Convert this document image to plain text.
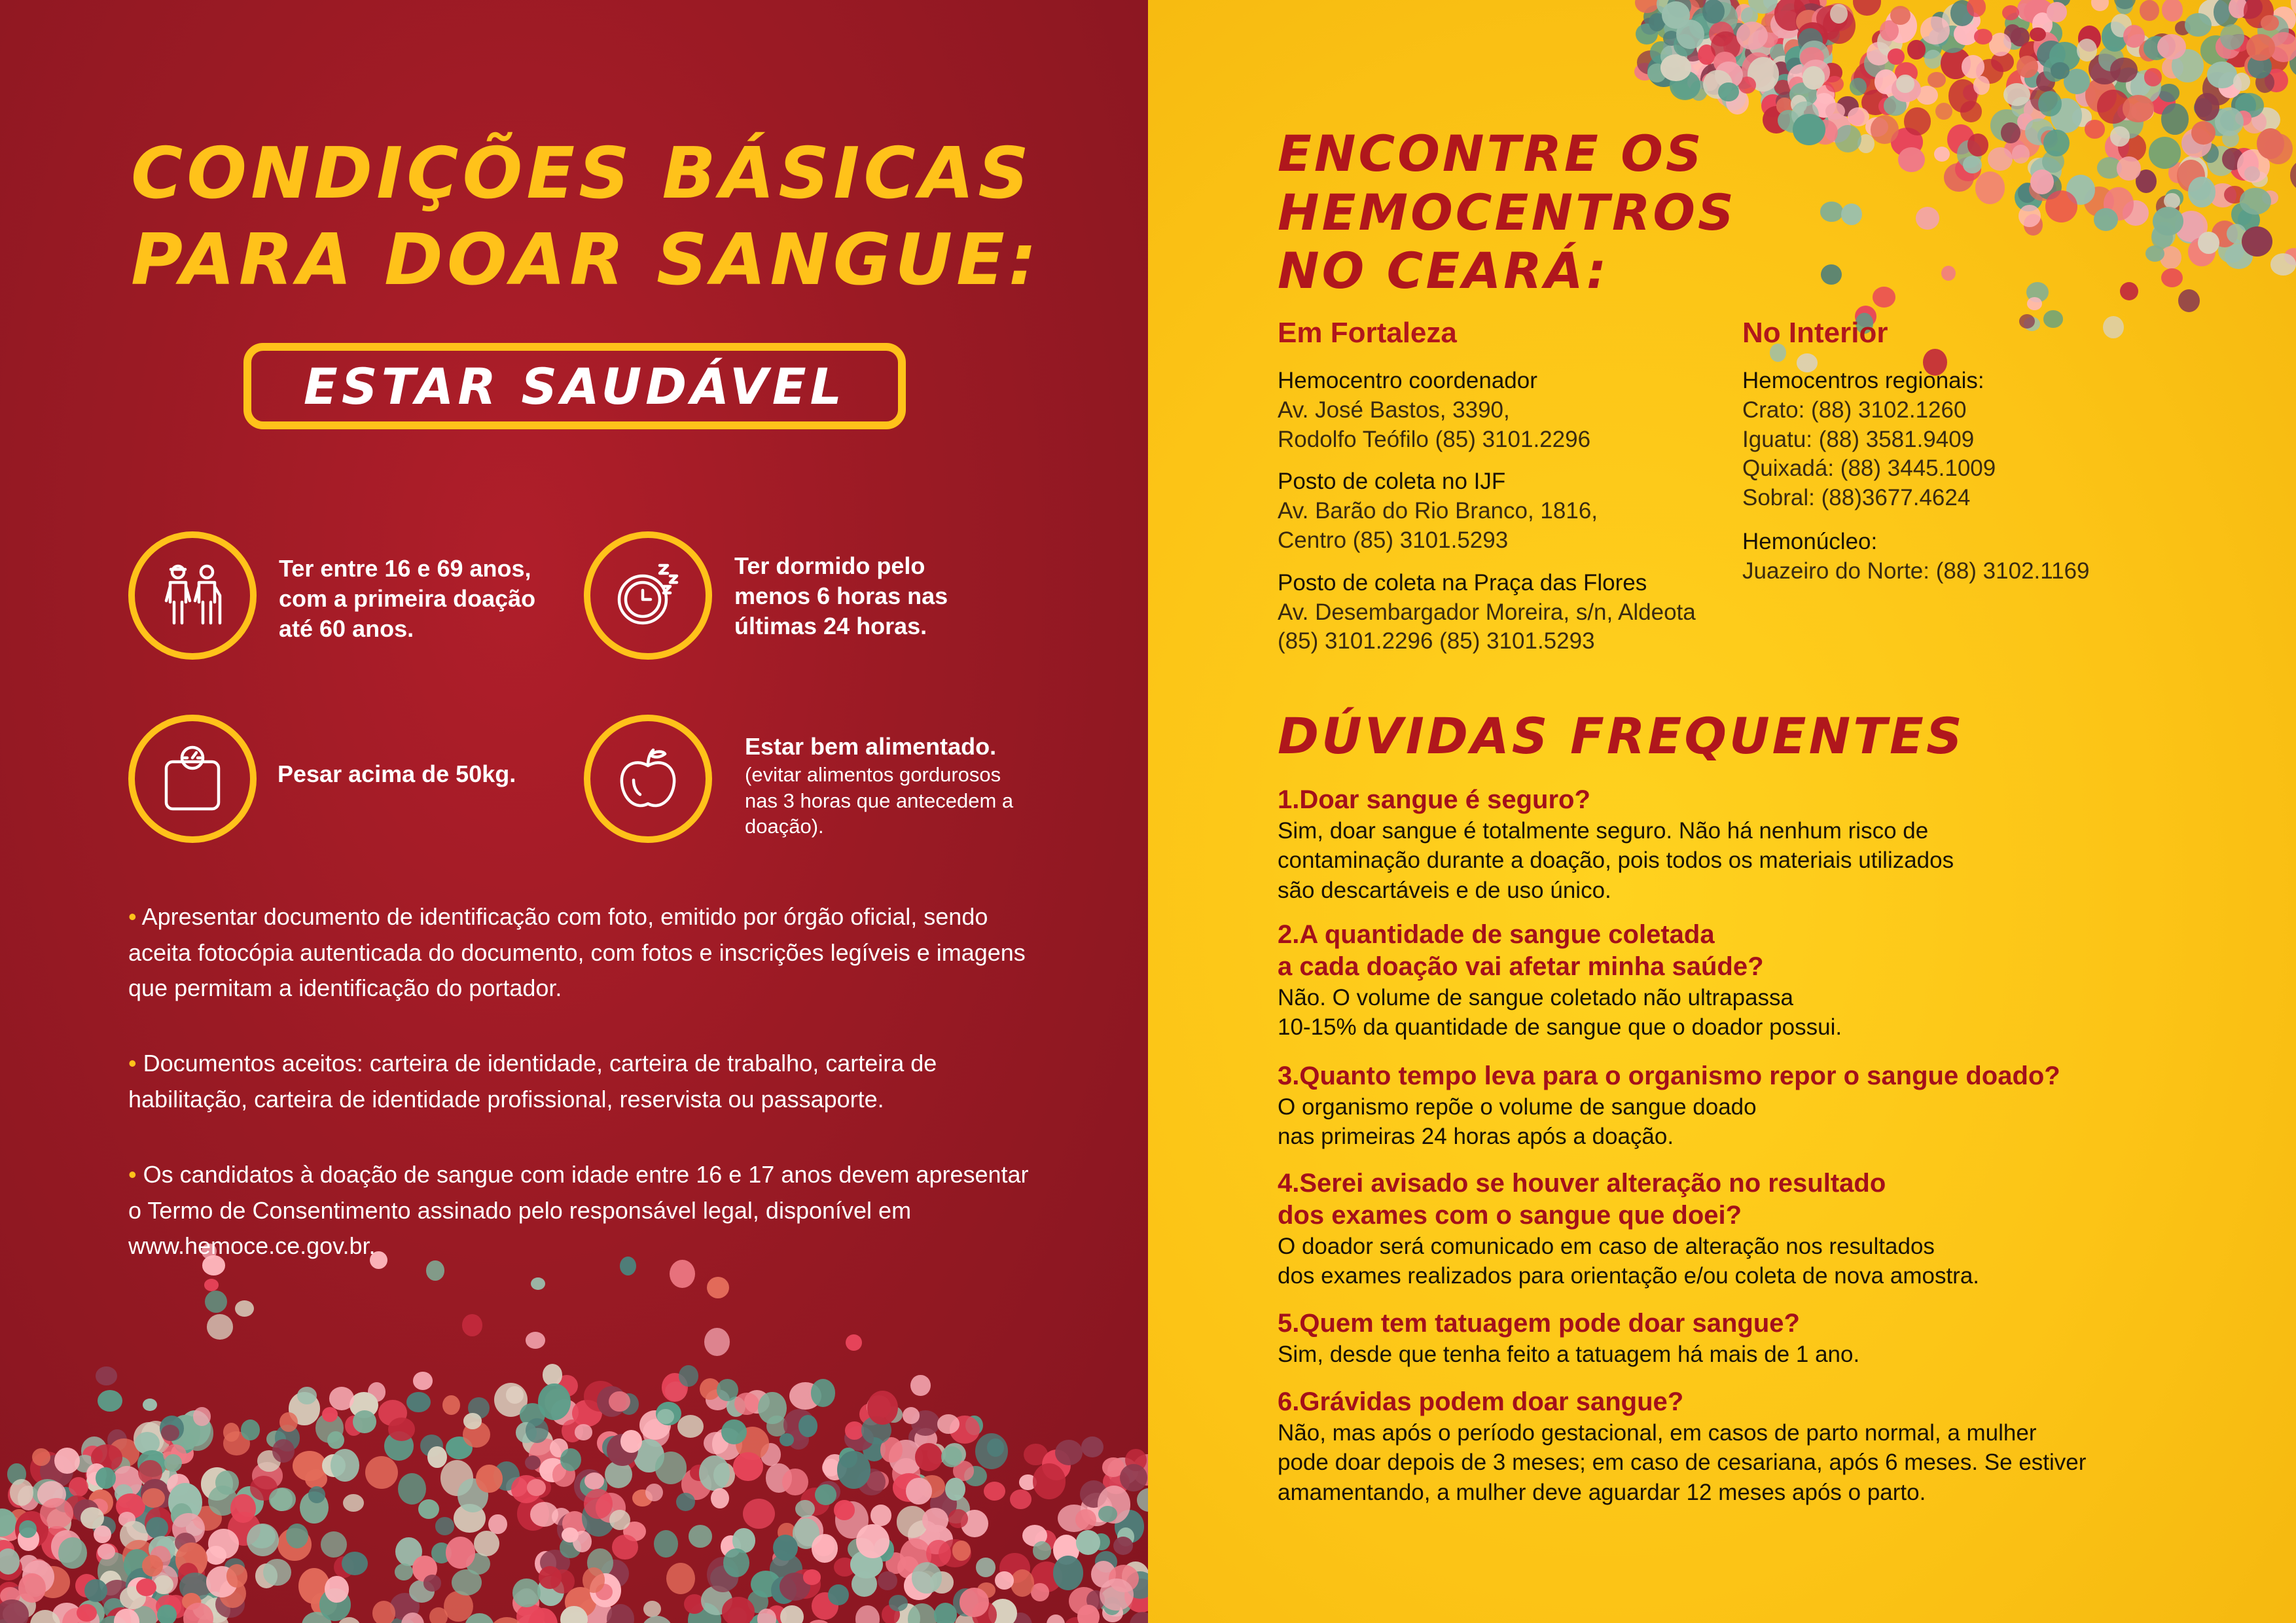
CONDIÇÕES BÁSICAS
PARA DOAR SANGUE:
ESTAR SAUDÁVEL
Ter entre 16 e 69 anos, com a primeira doação até 60 anos.
Ter dormido pelo menos 6 horas nas últimas 24 horas.
Pesar acima de 50kg.
Estar bem alimentado.
(evitar alimentos gordurosos nas 3 horas que antecedem a doação).
• Apresentar documento de identificação com foto, emitido por órgão oficial, sendo aceita fotocópia autenticada do documento, com fotos e inscrições legíveis e imagens que permitam a identificação do portador.
• Documentos aceitos: carteira de identidade, carteira de trabalho, carteira de habilitação, carteira de identidade profissional, reservista ou passaporte.
• Os candidatos à doação de sangue com idade entre 16 e 17 anos devem apresentar o Termo de Consentimento assinado pelo responsável legal, disponível em www.hemoce.ce.gov.br.
ENCONTRE OS
HEMOCENTROS
NO CEARÁ:
Em Fortaleza	No Interior
Hemocentro coordenador
Av. José Bastos, 3390,
Rodolfo Teófilo (85) 3101.2296
Posto de coleta no IJF
Av. Barão do Rio Branco, 1816,
Centro (85) 3101.5293
Posto de coleta na Praça das Flores
Av. Desembargador Moreira, s/n, Aldeota
(85) 3101.2296 (85) 3101.5293
Hemocentros regionais:
Crato: (88) 3102.1260
Iguatu: (88) 3581.9409
Quixadá: (88) 3445.1009
Sobral: (88)3677.4624
Hemonúcleo:
Juazeiro do Norte: (88) 3102.1169
DÚVIDAS FREQUENTES
1.Doar sangue é seguro?
Sim, doar sangue é totalmente seguro. Não há nenhum risco de
contaminação durante a doação, pois todos os materiais utilizados
são descartáveis e de uso único.
2.A quantidade de sangue coletada
a cada doação vai afetar minha saúde?
Não. O volume de sangue coletado não ultrapassa
10-15% da quantidade de sangue que o doador possui.
3.Quanto tempo leva para o organismo repor o sangue doado?
O organismo repõe o volume de sangue doado
nas primeiras 24 horas após a doação.
4.Serei avisado se houver alteração no resultado
dos exames com o sangue que doei?
O doador será comunicado em caso de alteração nos resultados
dos exames realizados para orientação e/ou coleta de nova amostra.
5.Quem tem tatuagem pode doar sangue?
Sim, desde que tenha feito a tatuagem há mais de 1 ano.
6.Grávidas podem doar sangue?
Não, mas após o período gestacional, em casos de parto normal, a mulher
pode doar depois de 3 meses; em caso de cesariana, após 6 meses. Se estiver
amamentando, a mulher deve aguardar 12 meses após o parto.
